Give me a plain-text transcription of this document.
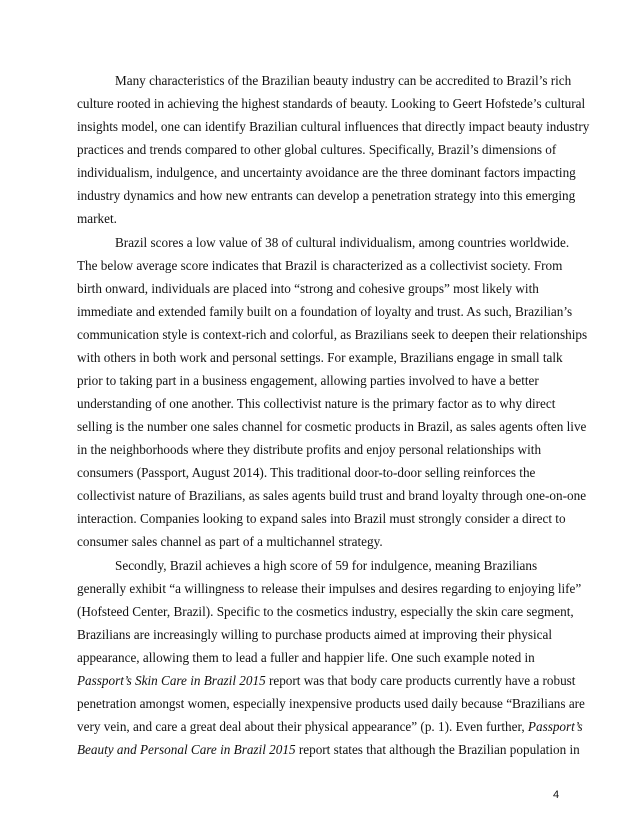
Many characteristics of the Brazilian beauty industry can be accredited to Brazil’s rich
culture rooted in achieving the highest standards of beauty. Looking to Geert Hofstede’s cultural
insights model, one can identify Brazilian cultural influences that directly impact beauty industry
practices and trends compared to other global cultures. Specifically, Brazil’s dimensions of
individualism, indulgence, and uncertainty avoidance are the three dominant factors impacting
industry dynamics and how new entrants can develop a penetration strategy into this emerging
market.
Brazil scores a low value of 38 of cultural individualism, among countries worldwide.
The below average score indicates that Brazil is characterized as a collectivist society. From
birth onward, individuals are placed into “strong and cohesive groups” most likely with
immediate and extended family built on a foundation of loyalty and trust. As such, Brazilian’s
communication style is context-rich and colorful, as Brazilians seek to deepen their relationships
with others in both work and personal settings. For example, Brazilians engage in small talk
prior to taking part in a business engagement, allowing parties involved to have a better
understanding of one another. This collectivist nature is the primary factor as to why direct
selling is the number one sales channel for cosmetic products in Brazil, as sales agents often live
in the neighborhoods where they distribute profits and enjoy personal relationships with
consumers (Passport, August 2014). This traditional door-to-door selling reinforces the
collectivist nature of Brazilians, as sales agents build trust and brand loyalty through one-on-one
interaction. Companies looking to expand sales into Brazil must strongly consider a direct to
consumer sales channel as part of a multichannel strategy.
Secondly, Brazil achieves a high score of 59 for indulgence, meaning Brazilians
generally exhibit “a willingness to release their impulses and desires regarding to enjoying life”
(Hofsteed Center, Brazil). Specific to the cosmetics industry, especially the skin care segment,
Brazilians are increasingly willing to purchase products aimed at improving their physical
appearance, allowing them to lead a fuller and happier life. One such example noted in
Passport’s Skin Care in Brazil 2015 report was that body care products currently have a robust
penetration amongst women, especially inexpensive products used daily because “Brazilians are
very vein, and care a great deal about their physical appearance” (p. 1). Even further, Passport’s
Beauty and Personal Care in Brazil 2015 report states that although the Brazilian population in
4
